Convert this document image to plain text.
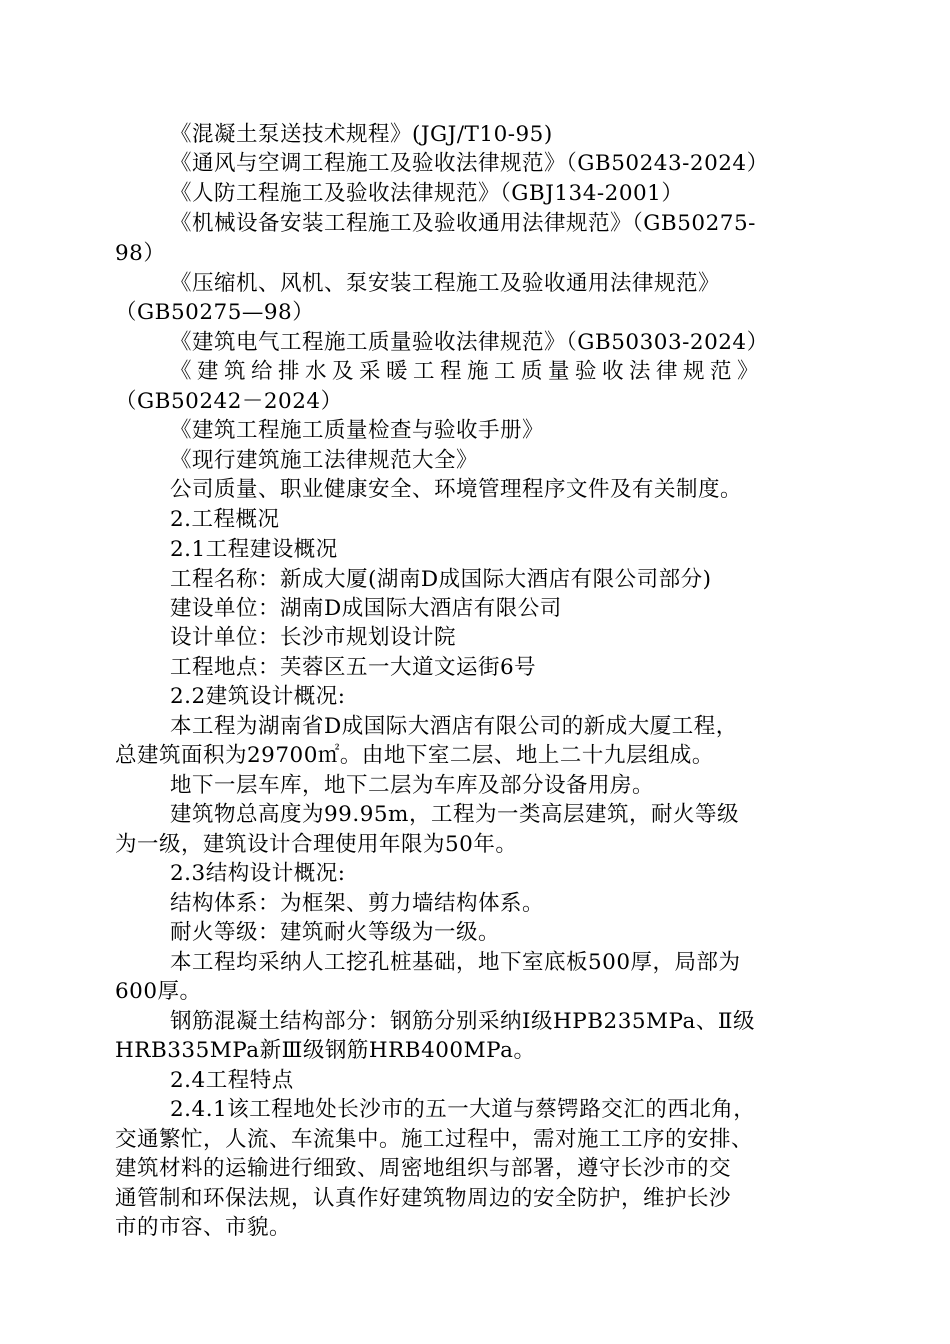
《混凝土泵送技术规程》(JGJ/T10-95)
《通风与空调工程施工及验收法律规范》（GB50243-2024）
《人防工程施工及验收法律规范》（GBJ134-2001）
《机械设备安装工程施工及验收通用法律规范》（GB50275-
98）
《压缩机、风机、泵安装工程施工及验收通用法律规范》
（GB50275—98）
《建筑电气工程施工质量验收法律规范》（GB50303-2024）
《建筑给排水及采暖工程施工质量验收法律规范》
（GB50242－2024）
《建筑工程施工质量检查与验收手册》
《现行建筑施工法律规范大全》
公司质量、职业健康安全、环境管理程序文件及有关制度。
2.工程概况
2.1工程建设概况
工程名称：新成大厦(湖南D成国际大酒店有限公司部分)
建设单位：湖南D成国际大酒店有限公司
设计单位：长沙市规划设计院
工程地点：芙蓉区五一大道文运街6号
2.2建筑设计概况:
本工程为湖南省D成国际大酒店有限公司的新成大厦工程，
总建筑面积为29700㎡。由地下室二层、地上二十九层组成。
地下一层车库，地下二层为车库及部分设备用房。
建筑物总高度为99.95m，工程为一类高层建筑，耐火等级
为一级，建筑设计合理使用年限为50年。
2.3结构设计概况:
结构体系：为框架、剪力墙结构体系。
耐火等级：建筑耐火等级为一级。
本工程均采纳人工挖孔桩基础，地下室底板500厚，局部为
600厚。
钢筋混凝土结构部分：钢筋分别采纳Ⅰ级HPB235MPa、Ⅱ级
HRB335MPa新Ⅲ级钢筋HRB400MPa。
2.4工程特点
2.4.1该工程地处长沙市的五一大道与蔡锷路交汇的西北角，
交通繁忙，人流、车流集中。施工过程中，需对施工工序的安排、
建筑材料的运输进行细致、周密地组织与部署，遵守长沙市的交
通管制和环保法规，认真作好建筑物周边的安全防护，维护长沙
市的市容、市貌。
